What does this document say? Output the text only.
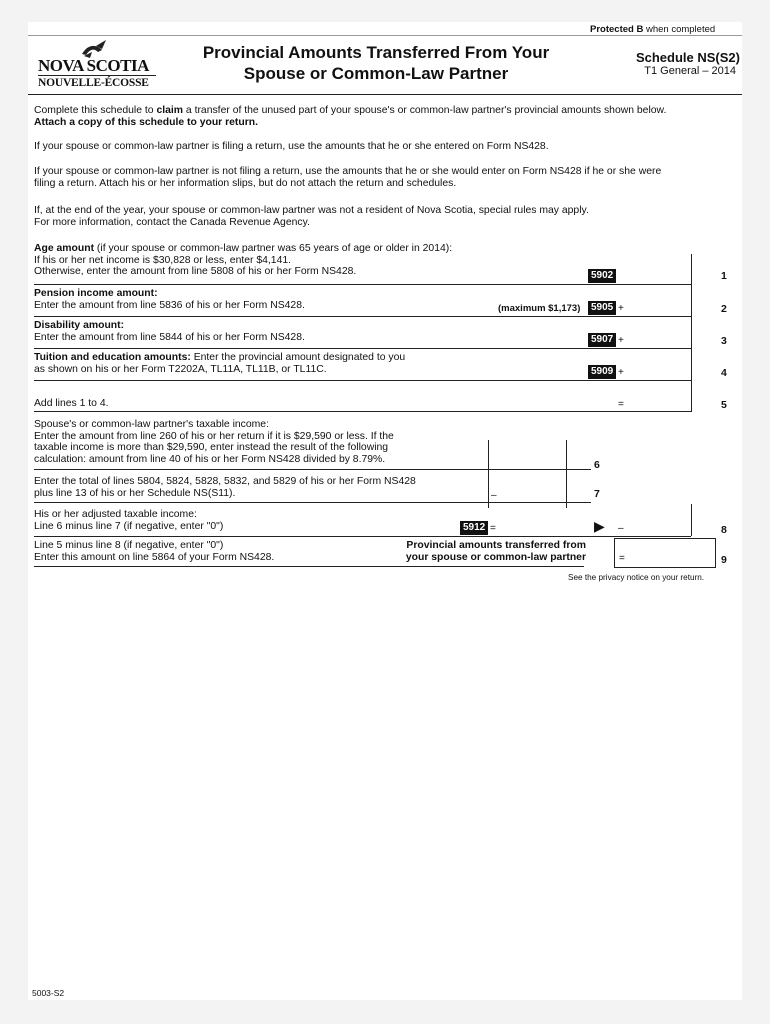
Protected B when completed
NOVA SCOTIA
NOUVELLE-ÉCOSSE
Provincial Amounts Transferred From Your
Spouse or Common-Law Partner
Schedule NS(S2)
T1 General – 2014
Complete this schedule to claim a transfer of the unused part of your spouse's or common-law partner's provincial amounts shown below.
Attach a copy of this schedule to your return.
If your spouse or common-law partner is filing a return, use the amounts that he or she entered on Form NS428.
If your spouse or common-law partner is not filing a return, use the amounts that he or she would enter on Form NS428 if he or she were
filing a return. Attach his or her information slips, but do not attach the return and schedules.
If, at the end of the year, your spouse or common-law partner was not a resident of Nova Scotia, special rules may apply.
For more information, contact the Canada Revenue Agency.
Age amount (if your spouse or common-law partner was 65 years of age or older in 2014):
If his or her net income is $30,828 or less, enter $4,141.
Otherwise, enter the amount from line 5808 of his or her Form NS428.	5902	1
Pension income amount:
Enter the amount from line 5836 of his or her Form NS428.	(maximum $1,173)	5905 +	2
Disability amount:
Enter the amount from line 5844 of his or her Form NS428.	5907 +	3
Tuition and education amounts: Enter the provincial amount designated to you
as shown on his or her Form T2202A, TL11A, TL11B, or TL11C.	5909 +	4
Add lines 1 to 4.	=	5
Spouse's or common-law partner's taxable income:
Enter the amount from line 260 of his or her return if it is $29,590 or less. If the
taxable income is more than $29,590, enter instead the result of the following
calculation: amount from line 40 of his or her Form NS428 divided by 8.79%.	6
Enter the total of lines 5804, 5824, 5828, 5832, and 5829 of his or her Form NS428
plus line 13 of his or her Schedule NS(S11).	–	7
His or her adjusted taxable income:
Line 6 minus line 7 (if negative, enter "0")	5912 =	▶ –	8
Line 5 minus line 8 (if negative, enter "0")
Enter this amount on line 5864 of your Form NS428.
Provincial amounts transferred from
your spouse or common-law partner	=	9
See the privacy notice on your return.
5003-S2
